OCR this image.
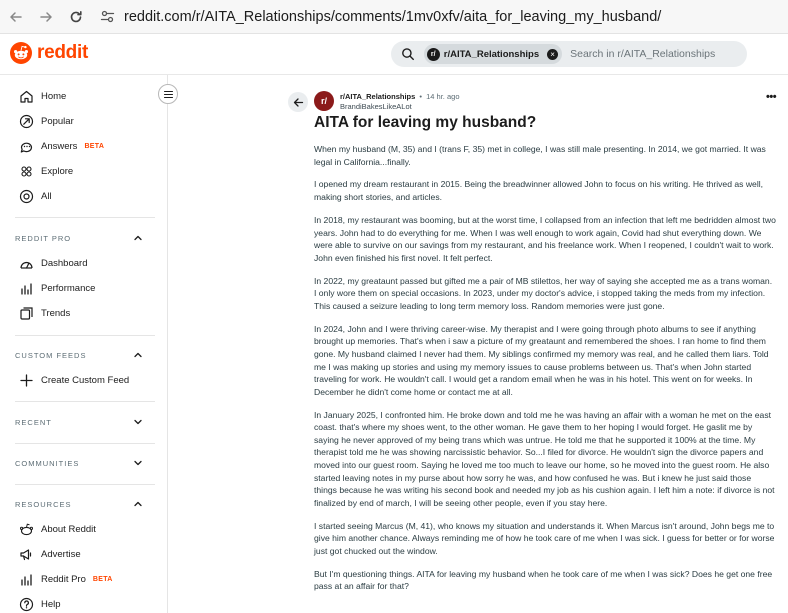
reddit.com/r/AITA_Relationships/comments/1mv0xfv/aita_for_leaving_my_husband/
reddit	r/ r/AITA_Relationships	×
Search in r/AITA_Relationships
Home
Popular
Answers BETA
Explore
All
REDDIT PRO
Dashboard
Performance
Trends
CUSTOM FEEDS
Create Custom Feed
RECENT
COMMUNITIES
RESOURCES
About Reddit
Advertise
Reddit Pro BETA
Help
r/	r/AITA_Relationships • 14 hr. ago
BrandiBakesLikeALot
•••
AITA for leaving my husband?

When my husband (M, 35) and I (trans F, 35) met in college, I was still male presenting. In 2014, we got married. It was legal in California...finally.

I opened my dream restaurant in 2015. Being the breadwinner allowed John to focus on his writing. He thrived as well, making short stories, and articles.

In 2018, my restaurant was booming, but at the worst time, I collapsed from an infection that left me bedridden almost two years. John had to do everything for me. When I was well enough to work again, Covid had shut everything down. We were able to survive on our savings from my restaurant, and his freelance work. When I reopened, I couldn't wait to work. John even finished his first novel. It felt perfect.

In 2022, my greataunt passed but gifted me a pair of MB stilettos, her way of saying she accepted me as a trans woman. I only wore them on special occasions. In 2023, under my doctor's advice, i stopped taking the meds from my infection. This caused a seizure leading to long term memory loss. Random memories were just gone.

In 2024, John and I were thriving career-wise. My therapist and I were going through photo albums to see if anything brought up memories. That's when i saw a picture of my greataunt and remembered the shoes. I ran home to find them gone. My husband claimed I never had them. My siblings confirmed my memory was real, and he called them liars. Told me I was making up stories and using my memory issues to cause problems between us. That's when John started traveling for work. He wouldn't call. I would get a random email when he was in his hotel. This went on for weeks. In December he didn't come home or contact me at all.

In January 2025, I confronted him. He broke down and told me he was having an affair with a woman he met on the east coast. that's where my shoes went, to the other woman. He gave them to her hoping I would forget. He gaslit me by saying he never approved of my being trans which was untrue. He told me that he supported it 100% at the time. My therapist told me he was showing narcissistic behavior. So...I filed for divorce. He wouldn't sign the divorce papers and moved into our guest room. Saying he loved me too much to leave our home, so he moved into the guest room. He also started leaving notes in my purse about how sorry he was, and how confused he was. But i knew he just said those things because he was writing his second book and needed my job as his cushion again. I left him a note: if divorce is not finalized by end of march, I will be seeing other people, even if you stay here.

I started seeing Marcus (M, 41), who knows my situation and understands it. When Marcus isn't around, John begs me to give him another chance. Always reminding me of how he took care of me when I was sick. I guess for better or for worse just got chucked out the window.

But I'm questioning things. AITA for leaving my husband when he took care of me when I was sick? Does he get one free pass at an affair for that?
